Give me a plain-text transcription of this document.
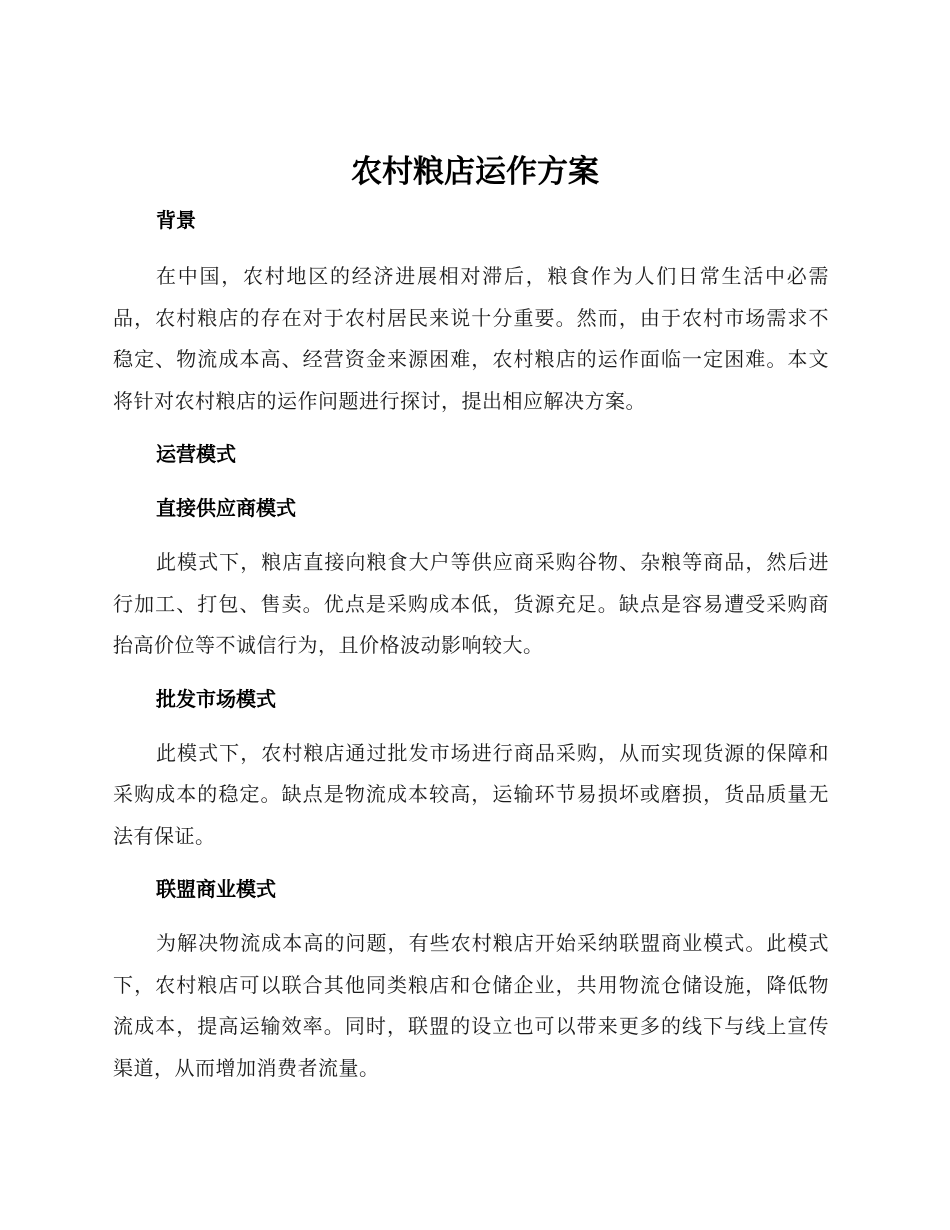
农村粮店运作方案
背景

在中国，农村地区的经济进展相对滞后，粮食作为人们日常生活中必需品，农村粮店的存在对于农村居民来说十分重要。然而，由于农村市场需求不稳定、物流成本高、经营资金来源困难，农村粮店的运作面临一定困难。本文将针对农村粮店的运作问题进行探讨，提出相应解决方案。

运营模式
直接供应商模式

此模式下，粮店直接向粮食大户等供应商采购谷物、杂粮等商品，然后进行加工、打包、售卖。优点是采购成本低，货源充足。缺点是容易遭受采购商抬高价位等不诚信行为，且价格波动影响较大。

批发市场模式

此模式下，农村粮店通过批发市场进行商品采购，从而实现货源的保障和采购成本的稳定。缺点是物流成本较高，运输环节易损坏或磨损，货品质量无法有保证。

联盟商业模式

为解决物流成本高的问题，有些农村粮店开始采纳联盟商业模式。此模式下，农村粮店可以联合其他同类粮店和仓储企业，共用物流仓储设施，降低物流成本，提高运输效率。同时，联盟的设立也可以带来更多的线下与线上宣传渠道，从而增加消费者流量。
